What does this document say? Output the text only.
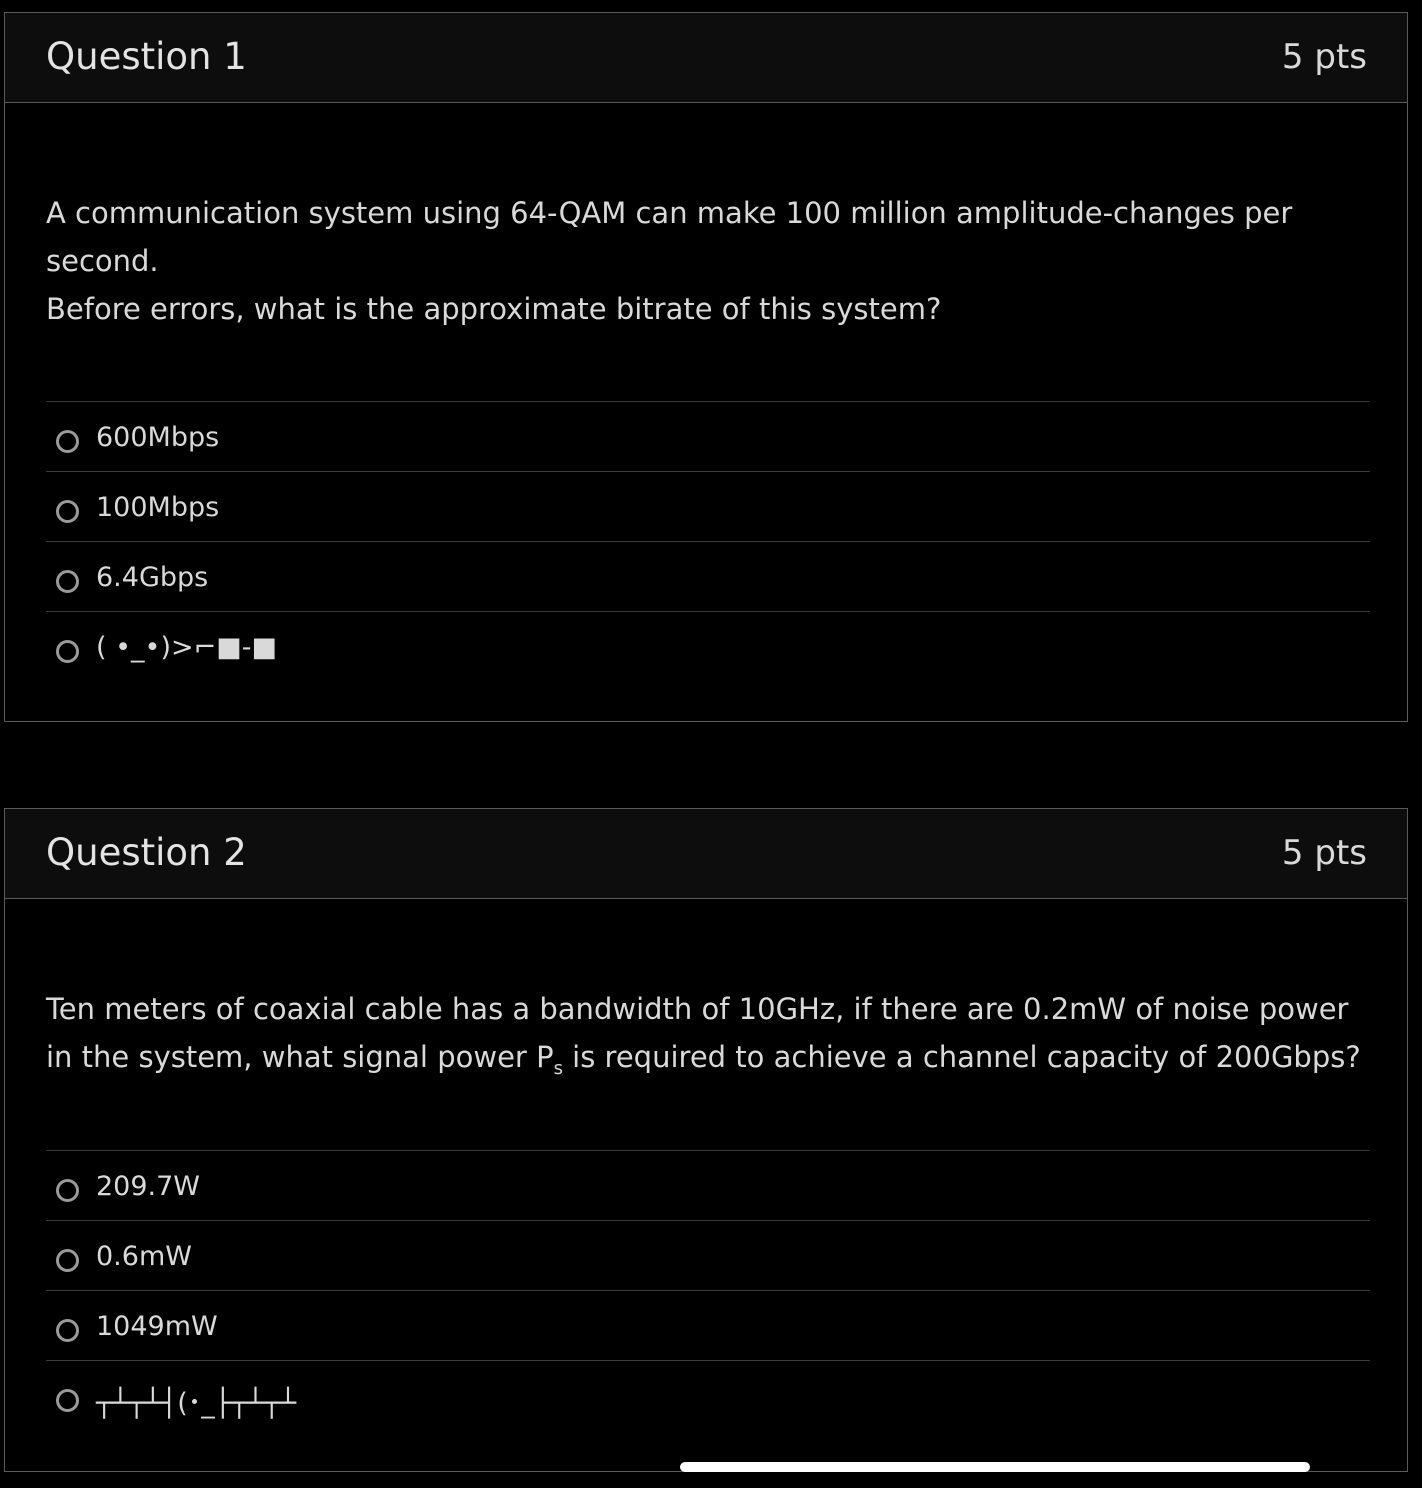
Question 1	5 pts

A communication system using 64-QAM can make 100 million amplitude-changes per second.

Before errors, what is the approximate bitrate of this system?

600Mbps
100Mbps
6.4Gbps
( •_•)>⌐■-■
Question 2	5 pts

Ten meters of coaxial cable has a bandwidth of 10GHz, if there are 0.2mW of noise power in the system, what signal power $P_s$ is required to achieve a channel capacity of 200Gbps?

209.7W
0.6mW
1049mW
┬┴┬┴┤(･_├┬┴┬┴
